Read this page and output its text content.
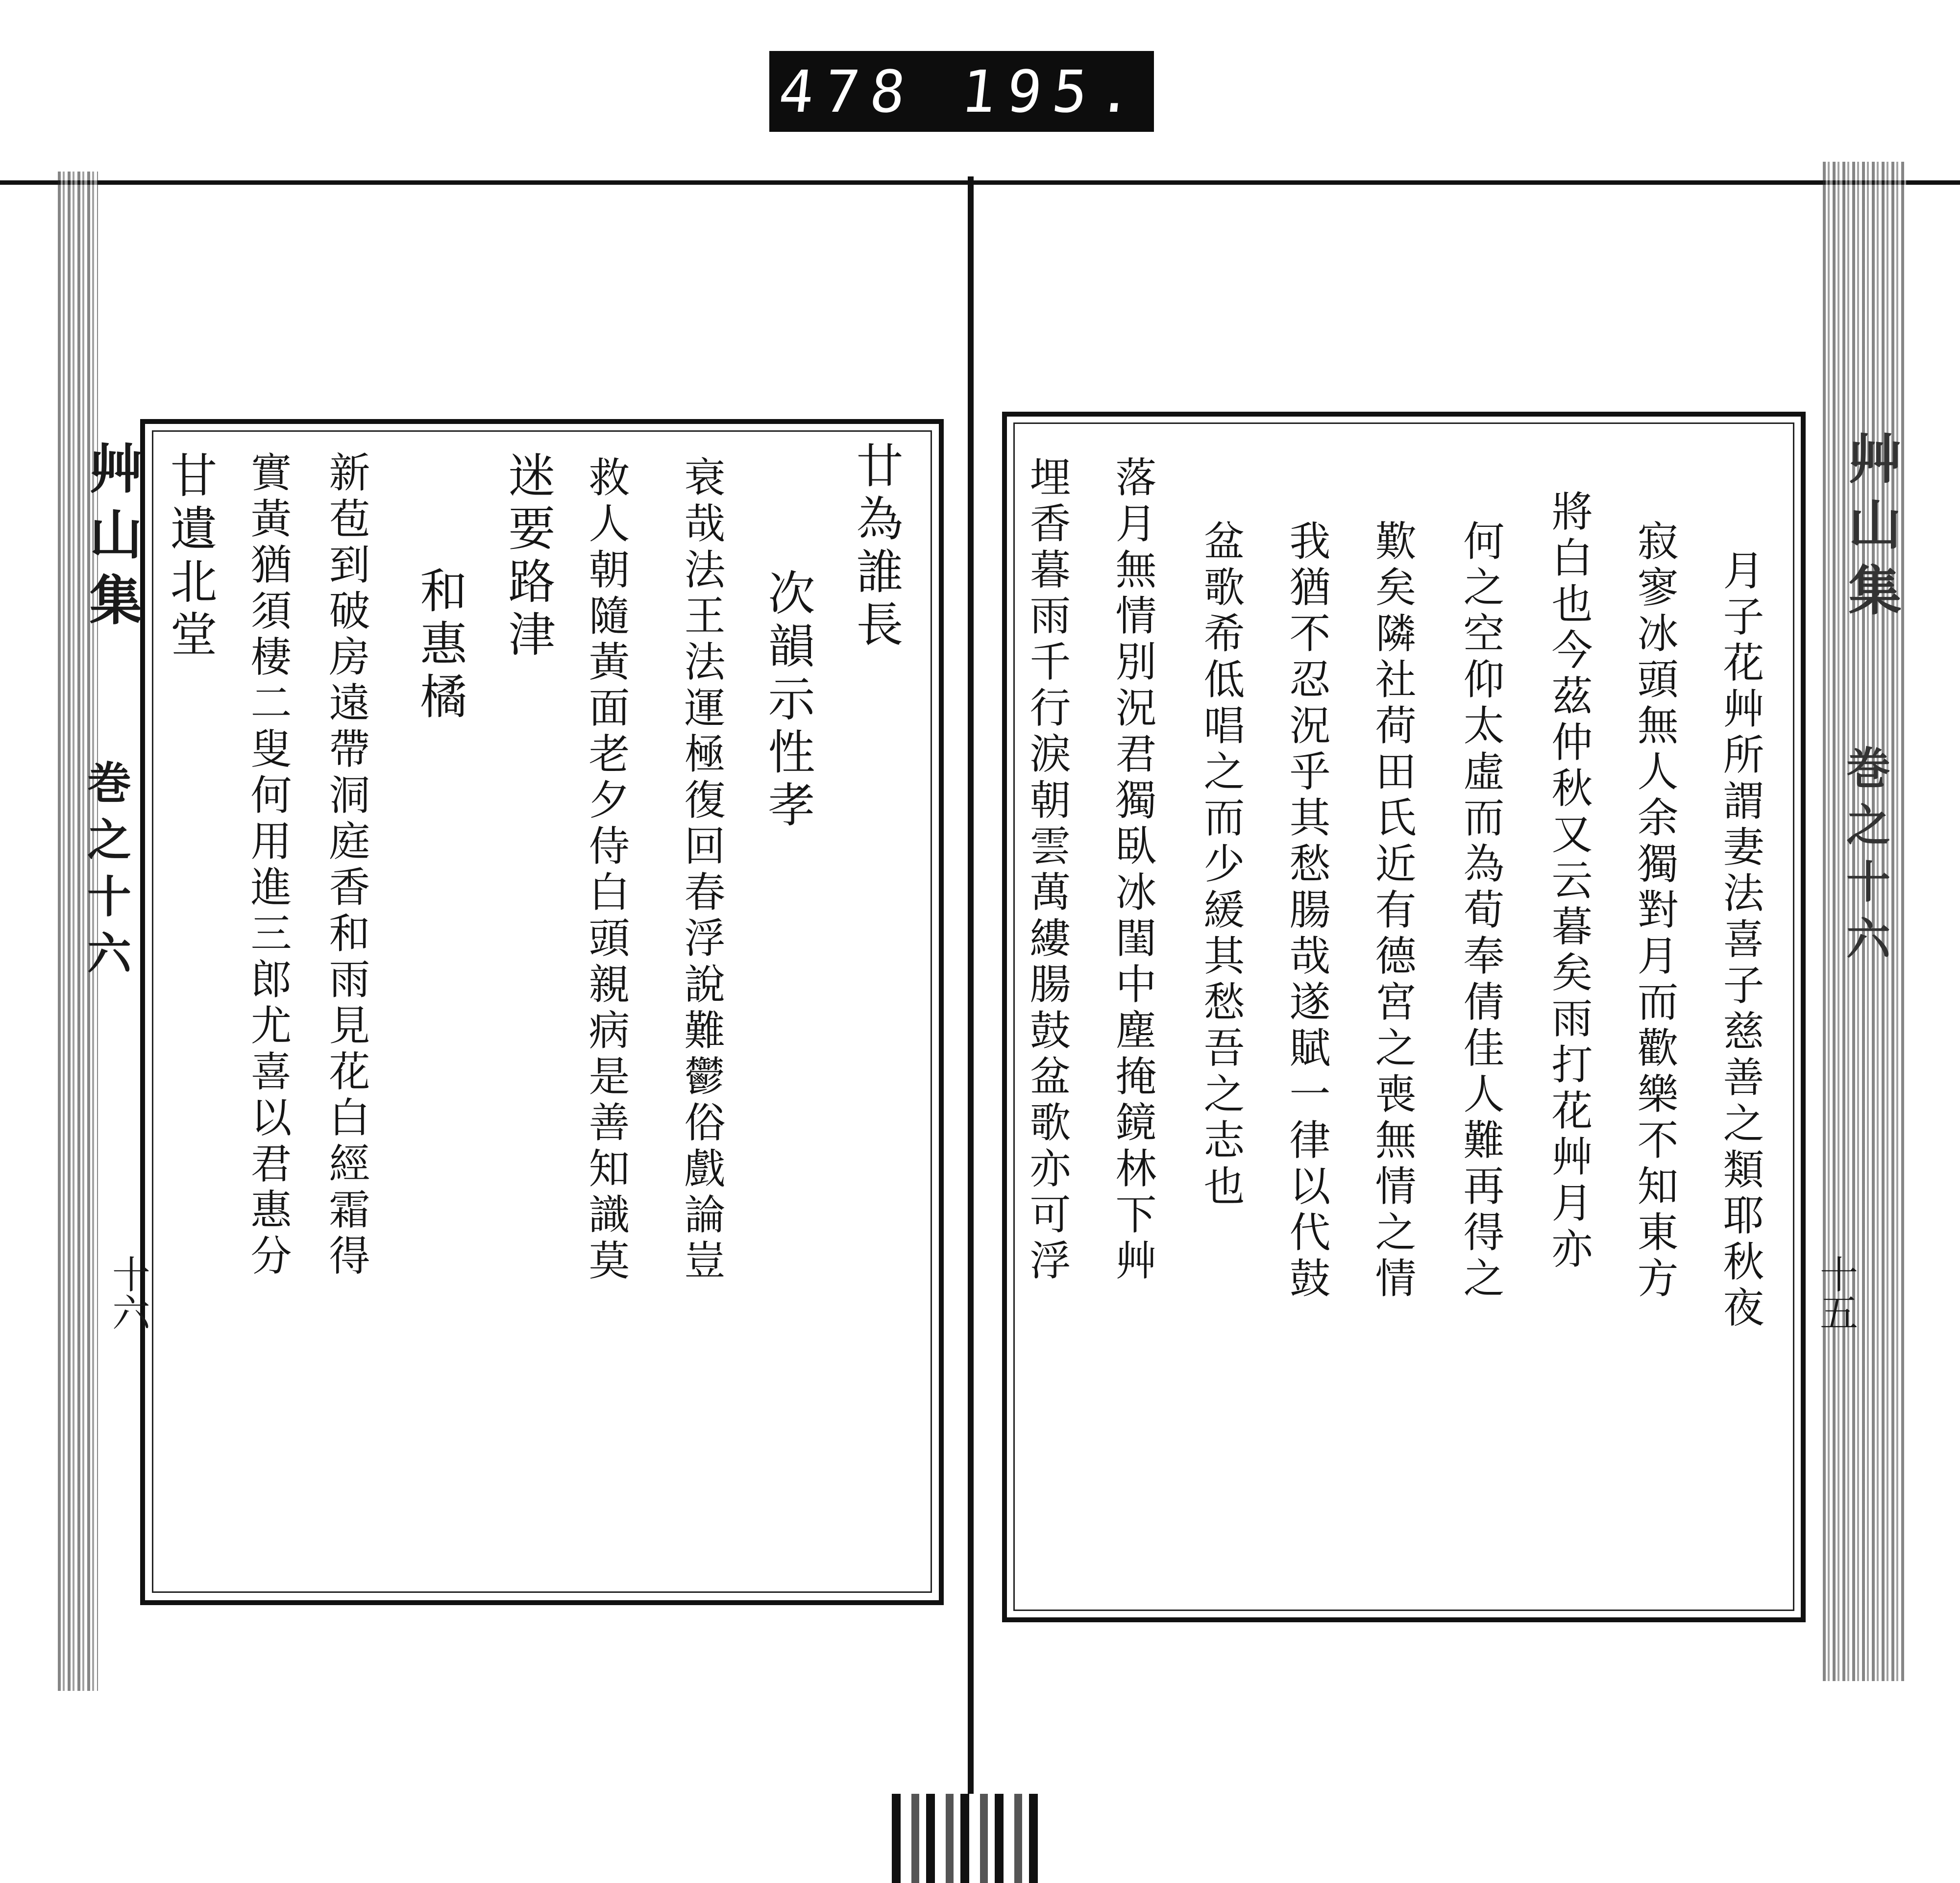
478 195.
艸山集
巻之十六
十六
廿為誰長
次韻示性孝
衰哉法王法運極復回春浮說難鬱俗戲論豈
救人朝隨黃面老夕侍白頭親病是善知識莫
迷要路津
和惠橘
新苞到破房遠帶洞庭香和雨見花白經霜得
實黃猶須棲二叟何用進三郎尤喜以君惠分
甘遺北堂	艸山集
巻之十六
十五
月子花艸所謂妻法喜子慈善之類耶秋夜
寂寥冰頭無人余獨對月而歡樂不知東方
將白也今茲仲秋又云暮矣雨打花艸月亦
何之空仰太虛而為荀奉倩佳人難再得之
歎矣隣社荷田氏近有德宮之喪無情之情
我猶不忍況乎其愁腸哉遂賦一律以代鼓
盆歌希低唱之而少緩其愁吾之志也
落月無情別況君獨臥冰閨中塵掩鏡林下艸
埋香暮雨千行淚朝雲萬縷腸鼓盆歌亦可浮
